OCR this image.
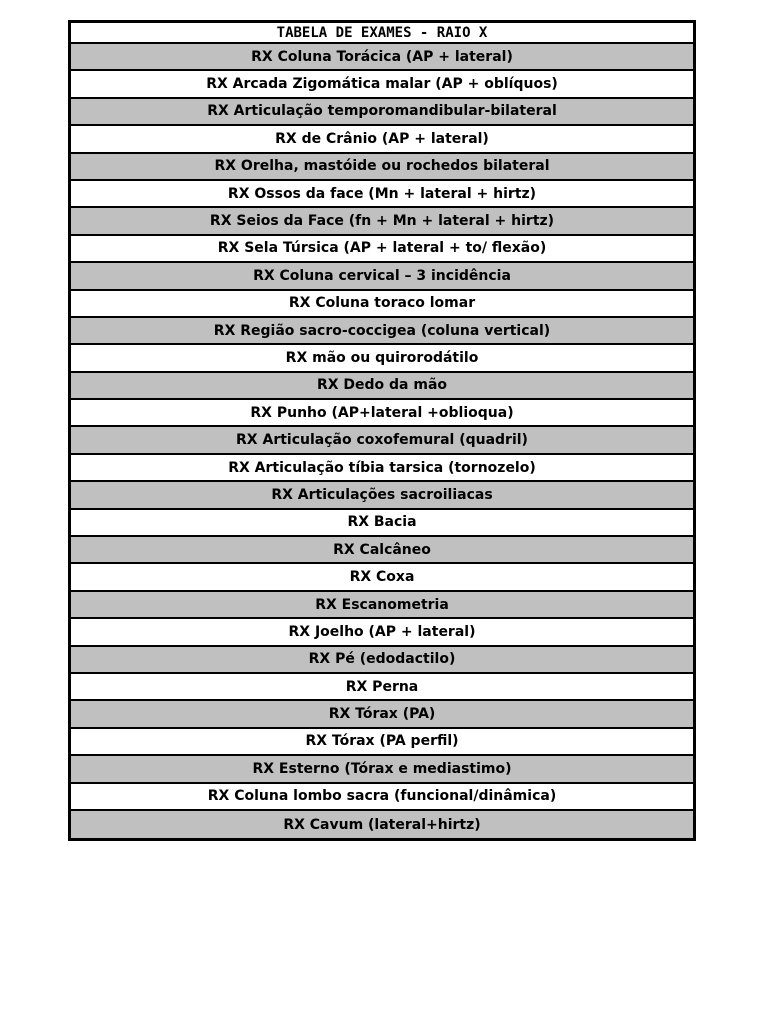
TABELA DE EXAMES - RAIO X
RX Coluna Torácica (AP + lateral)
RX Arcada Zigomática malar (AP + oblíquos)
RX Articulação temporomandibular-bilateral
RX de Crânio (AP + lateral)
RX Orelha, mastóide ou rochedos bilateral
RX Ossos da face (Mn + lateral + hirtz)
RX Seios da Face (fn + Mn + lateral + hirtz)
RX Sela Túrsica (AP + lateral + to/ flexão)
RX Coluna cervical – 3 incidência
RX Coluna toraco lomar
RX Região sacro-coccigea (coluna vertical)
RX mão ou quirorodátilo
RX Dedo da mão
RX Punho (AP+lateral +oblioqua)
RX Articulação coxofemural (quadril)
RX Articulação tíbia tarsica (tornozelo)
RX Articulações sacroiliacas
RX Bacia
RX Calcâneo
RX Coxa
RX Escanometria
RX Joelho (AP + lateral)
RX Pé (edodactilo)
RX Perna
RX Tórax (PA)
RX Tórax (PA perfil)
RX Esterno (Tórax e mediastimo)
RX Coluna lombo sacra (funcional/dinâmica)
RX Cavum (lateral+hirtz)
